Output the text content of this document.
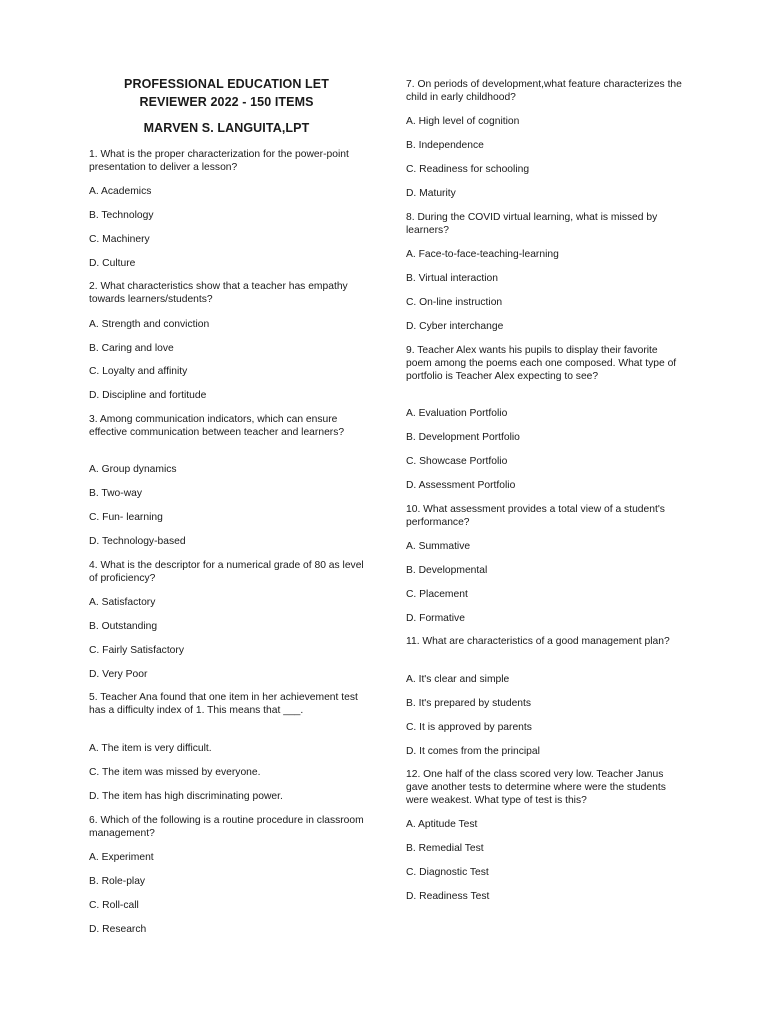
PROFESSIONAL EDUCATION LET
REVIEWER 2022 - 150 ITEMS
MARVEN S. LANGUITA,LPT
1. What is the proper characterization for the power-point presentation to deliver a lesson?
A. Academics
B. Technology
C. Machinery
D. Culture
2. What characteristics show that a teacher has empathy towards learners/students?
A. Strength and conviction
B. Caring and love
C. Loyalty and affinity
D. Discipline and fortitude
3. Among communication indicators, which can ensure effective communication between teacher and learners?
A. Group dynamics
B. Two-way
C. Fun- learning
D. Technology-based
4. What is the descriptor for a numerical grade of 80 as level of proficiency?
A. Satisfactory
B. Outstanding
C. Fairly Satisfactory
D. Very Poor
5. Teacher Ana found that one item in her achievement test has a difficulty index of 1. This means that ___.
A. The item is very difficult.
C. The item was missed by everyone.
D. The item has high discriminating power.
6. Which of the following is a routine procedure in classroom management?
A. Experiment
B. Role-play
C. Roll-call
D. Research
7. On periods of development,what feature characterizes the child in early childhood?
A. High level of cognition
B. Independence
C. Readiness for schooling
D. Maturity
8. During the COVID virtual learning, what is missed by learners?
A. Face-to-face-teaching-learning
B. Virtual interaction
C. On-line instruction
D. Cyber interchange
9. Teacher Alex wants his pupils to display their favorite poem among the poems each one composed. What type of portfolio is Teacher Alex expecting to see?
A. Evaluation Portfolio
B. Development Portfolio
C. Showcase Portfolio
D. Assessment Portfolio
10. What assessment provides a total view of a student's performance?
A. Summative
B. Developmental
C. Placement
D. Formative
11. What are characteristics of a good management plan?
A. It's clear and simple
B. It's prepared by students
C. It is approved by parents
D. It comes from the principal
12. One half of the class scored very low. Teacher Janus gave another tests to determine where were the students were weakest. What type of test is this?
A. Aptitude Test
B. Remedial Test
C. Diagnostic Test
D. Readiness Test
